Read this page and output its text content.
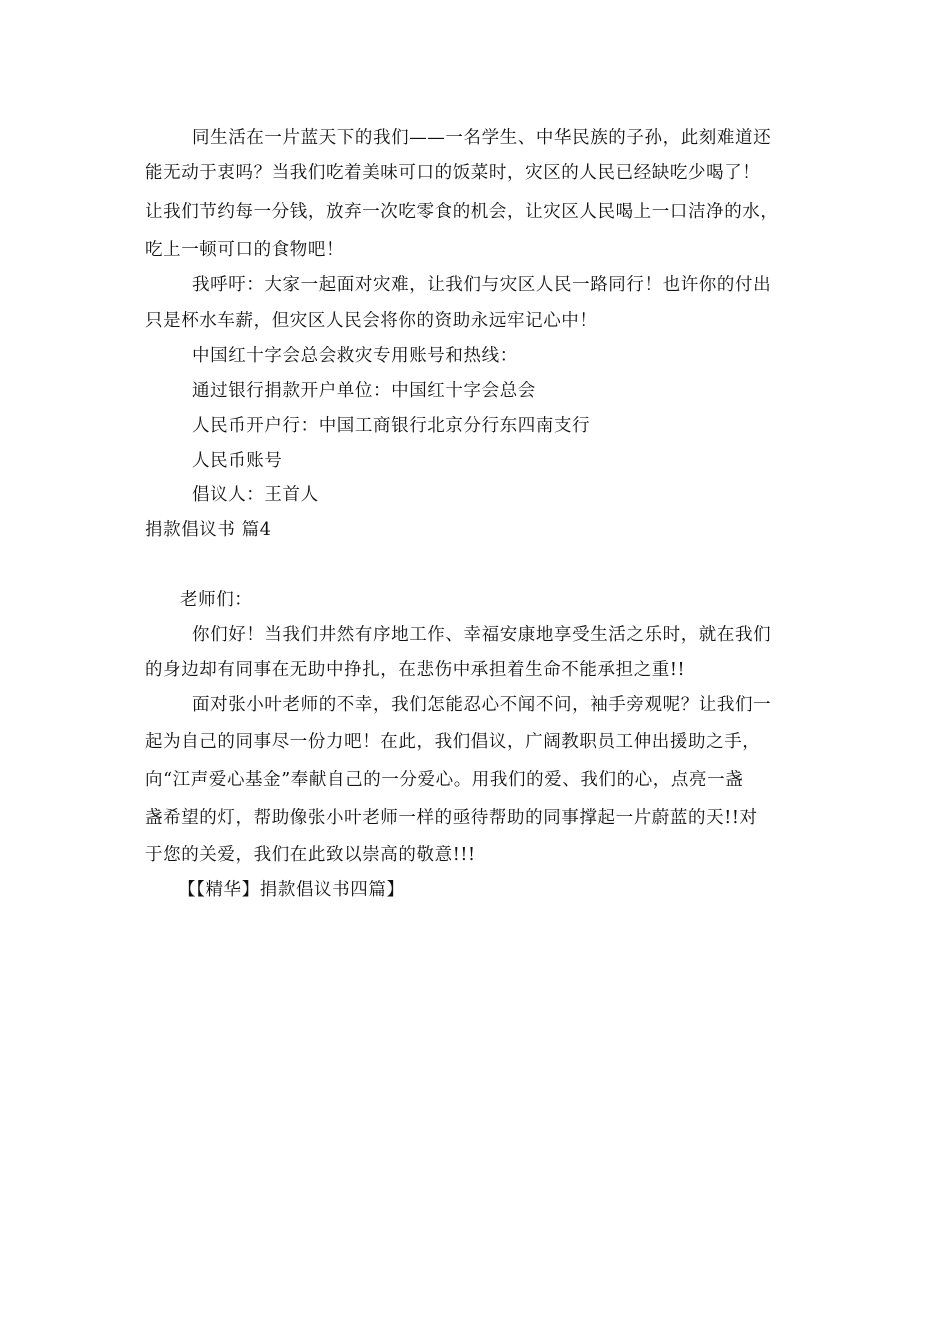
同生活在一片蓝天下的我们——一名学生、中华民族的子孙，此刻难道还
能无动于衷吗？当我们吃着美味可口的饭菜时，灾区的人民已经缺吃少喝了！
让我们节约每一分钱，放弃一次吃零食的机会，让灾区人民喝上一口洁净的水，
吃上一顿可口的食物吧！
我呼吁：大家一起面对灾难，让我们与灾区人民一路同行！也许你的付出
只是杯水车薪，但灾区人民会将你的资助永远牢记心中！
中国红十字会总会救灾专用账号和热线：
通过银行捐款开户单位：中国红十字会总会
人民币开户行：中国工商银行北京分行东四南支行
人民币账号
倡议人：王首人
捐款倡议书 篇4
老师们：
你们好！当我们井然有序地工作、幸福安康地享受生活之乐时，就在我们
的身边却有同事在无助中挣扎，在悲伤中承担着生命不能承担之重!!
面对张小叶老师的不幸，我们怎能忍心不闻不问，袖手旁观呢？让我们一
起为自己的同事尽一份力吧！在此，我们倡议，广阔教职员工伸出援助之手，
向“江声爱心基金”奉献自己的一分爱心。用我们的爱、我们的心，点亮一盏
盏希望的灯，帮助像张小叶老师一样的亟待帮助的同事撑起一片蔚蓝的天!!对
于您的关爱，我们在此致以崇高的敬意!!!
【【精华】捐款倡议书四篇】
